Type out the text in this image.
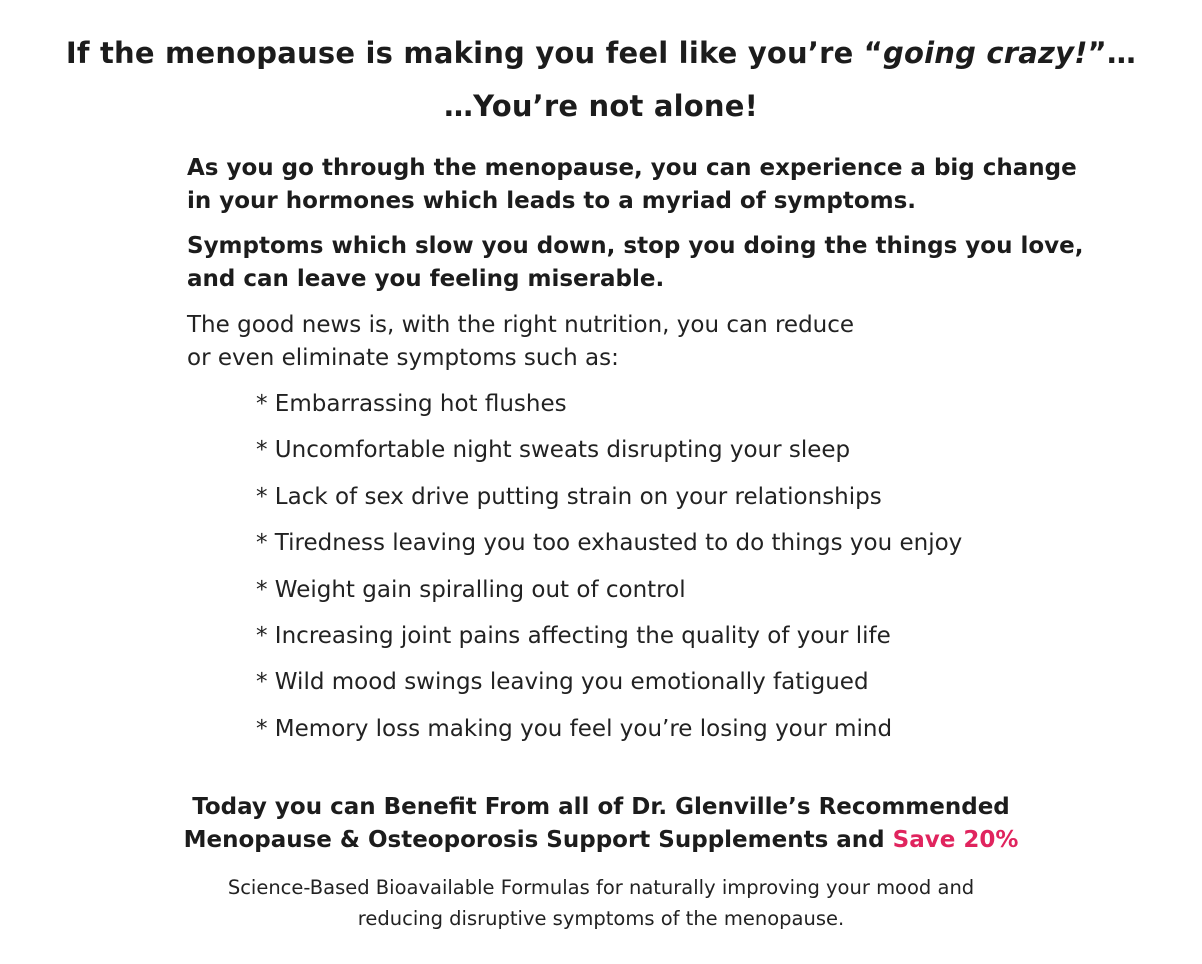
If the menopause is making you feel like you’re “going crazy!”…
…You’re not alone!

As you go through the menopause, you can experience a big change in your hormones which leads to a myriad of symptoms.

Symptoms which slow you down, stop you doing the things you love, and can leave you feeling miserable.

The good news is, with the right nutrition, you can reduce
or even eliminate symptoms such as:
* Embarrassing hot flushes
* Uncomfortable night sweats disrupting your sleep
* Lack of sex drive putting strain on your relationships
* Tiredness leaving you too exhausted to do things you enjoy
* Weight gain spiralling out of control
* Increasing joint pains affecting the quality of your life
* Wild mood swings leaving you emotionally fatigued
* Memory loss making you feel you’re losing your mind
Today you can Benefit From all of Dr. Glenville’s Recommended
Menopause & Osteoporosis Support Supplements and Save 20%
Science-Based Bioavailable Formulas for naturally improving your mood and
reducing disruptive symptoms of the menopause.
